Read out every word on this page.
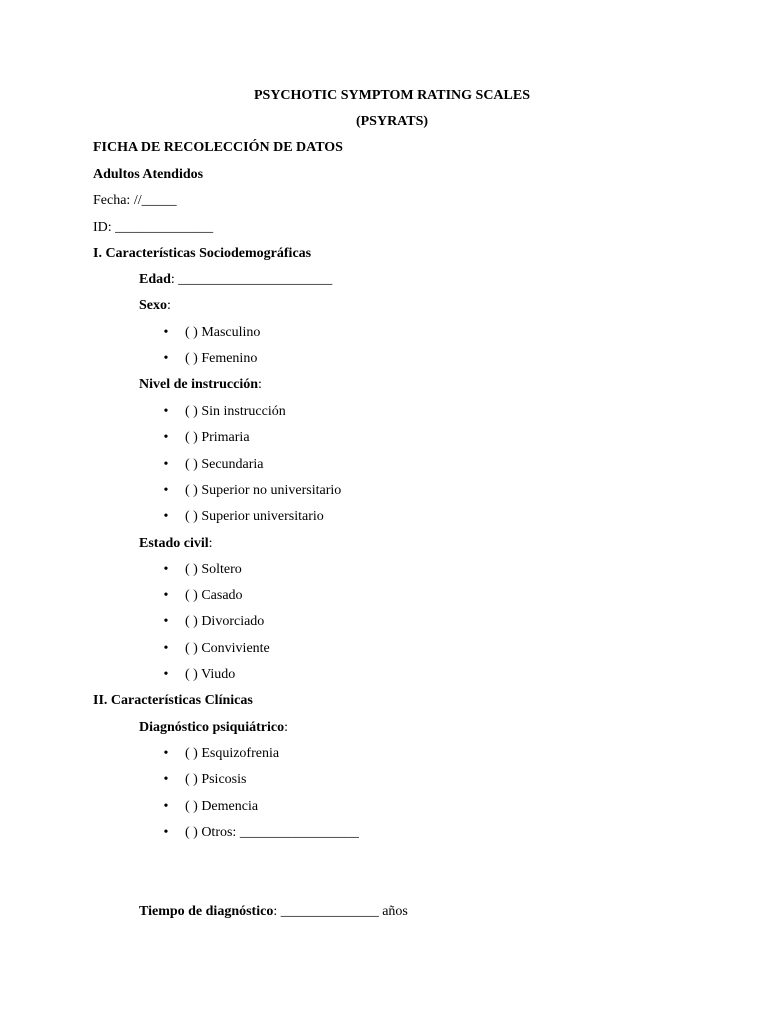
PSYCHOTIC SYMPTOM RATING SCALES
(PSYRATS)
FICHA DE RECOLECCIÓN DE DATOS
Adultos Atendidos
Fecha: //_____
ID: ______________
I. Características Sociodemográficas
Edad: ______________________
Sexo:
• ( ) Masculino
• ( ) Femenino
Nivel de instrucción:
• ( ) Sin instrucción
• ( ) Primaria
• ( ) Secundaria
• ( ) Superior no universitario
• ( ) Superior universitario
Estado civil:
• ( ) Soltero
• ( ) Casado
• ( ) Divorciado
• ( ) Conviviente
• ( ) Viudo
II. Características Clínicas
Diagnóstico psiquiátrico:
• ( ) Esquizofrenia
• ( ) Psicosis
• ( ) Demencia
• ( ) Otros: _________________
Tiempo de diagnóstico: ______________ años
